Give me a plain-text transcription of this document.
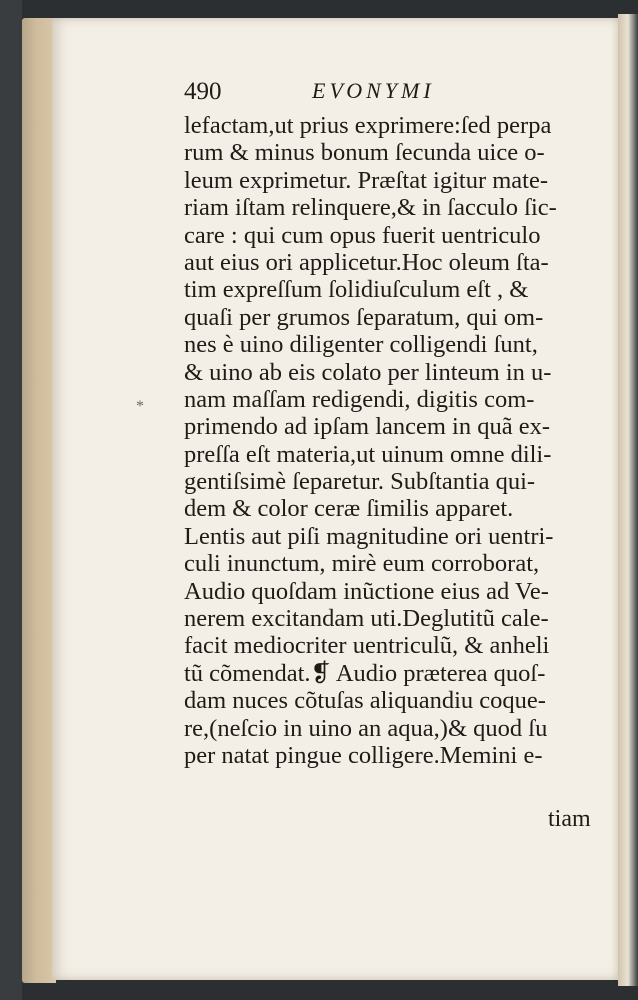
490	EVONYMI
lefactam,ut prius exprimere:ſed perpa
rum & minus bonum ſecunda uice o-
leum exprimetur. Præſtat igitur mate-
riam iſtam relinquere,& in ſacculo ſic-
care : qui cum opus fuerit uentriculo
aut eius ori applicetur.Hoc oleum ſta-
tim expreſſum ſolidiuſculum eſt , &
quaſi per grumos ſeparatum, qui om-
nes è uino diligenter colligendi ſunt,
& uino ab eis colato per linteum in u-
nam maſſam redigendi, digitis com-
primendo ad ipſam lancem in quã ex-
preſſa eſt materia,ut uinum omne dili-
gentiſsimè ſeparetur. Subſtantia qui-
dem & color ceræ ſimilis apparet.
Lentis aut piſi magnitudine ori uentri-
culi inunctum, mirè eum corroborat,
Audio quoſdam inũctione eius ad Ve-
nerem excitandam uti.Deglutitũ cale-
facit mediocriter uentriculũ, & anheli
tũ cõmendat.❡ Audio præterea quoſ-
dam nuces cõtuſas aliquandiu coque-
re,(neſcio in uino an aqua,)& quod ſu
per natat pingue colligere.Memini e-
tiam
*
